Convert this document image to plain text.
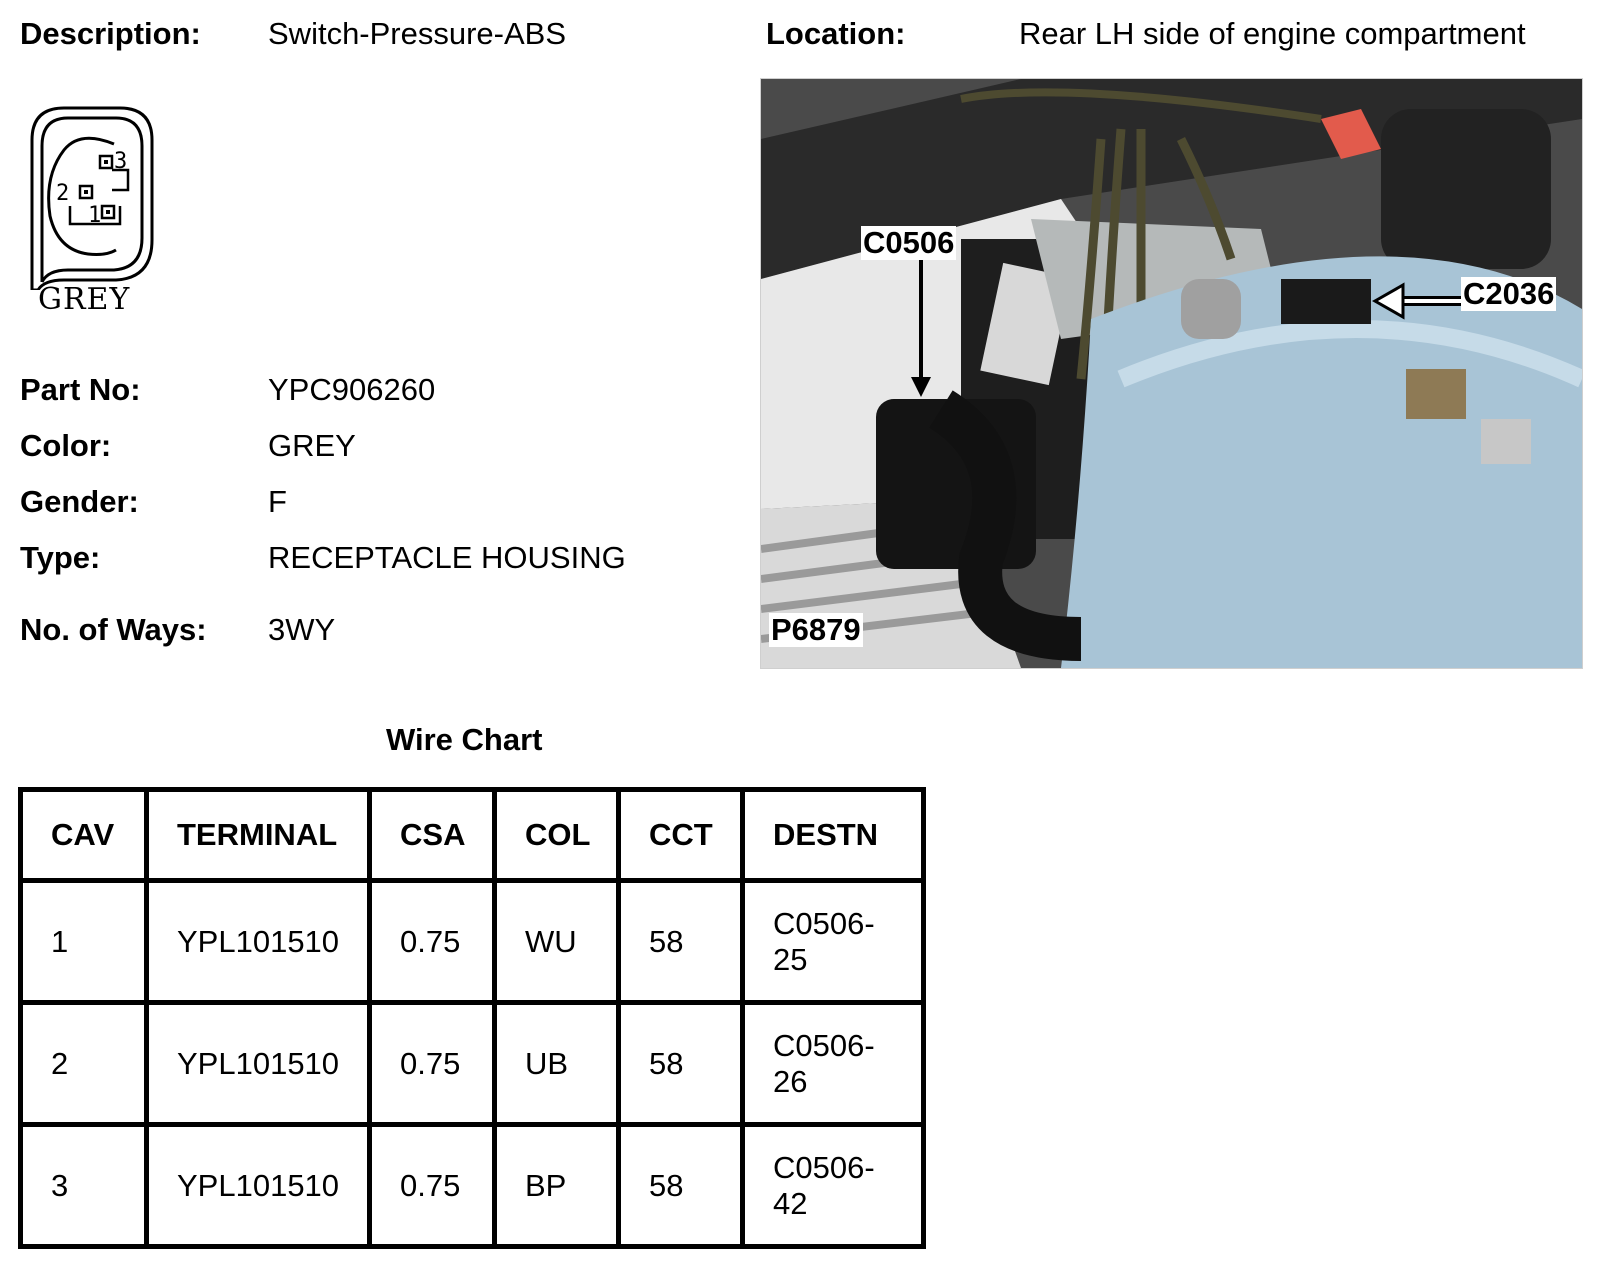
Description: Switch-Pressure-ABS	Location:	Rear LH side of engine compartment
3
2
1
GREY
Part No:	YPC906260
Color:	GREY
Gender:	F
Type:	RECEPTACLE HOUSING
No. of Ways: 3WY
C0506
C2036
P6879
Wire Chart
CAV	TERMINAL	CSA	COL	CCT	DESTN
1	YPL101510	0.75	WU	58	C0506-
25
2	YPL101510	0.75	UB	58	C0506-
26
3	YPL101510	0.75	BP	58	C0506-
42
